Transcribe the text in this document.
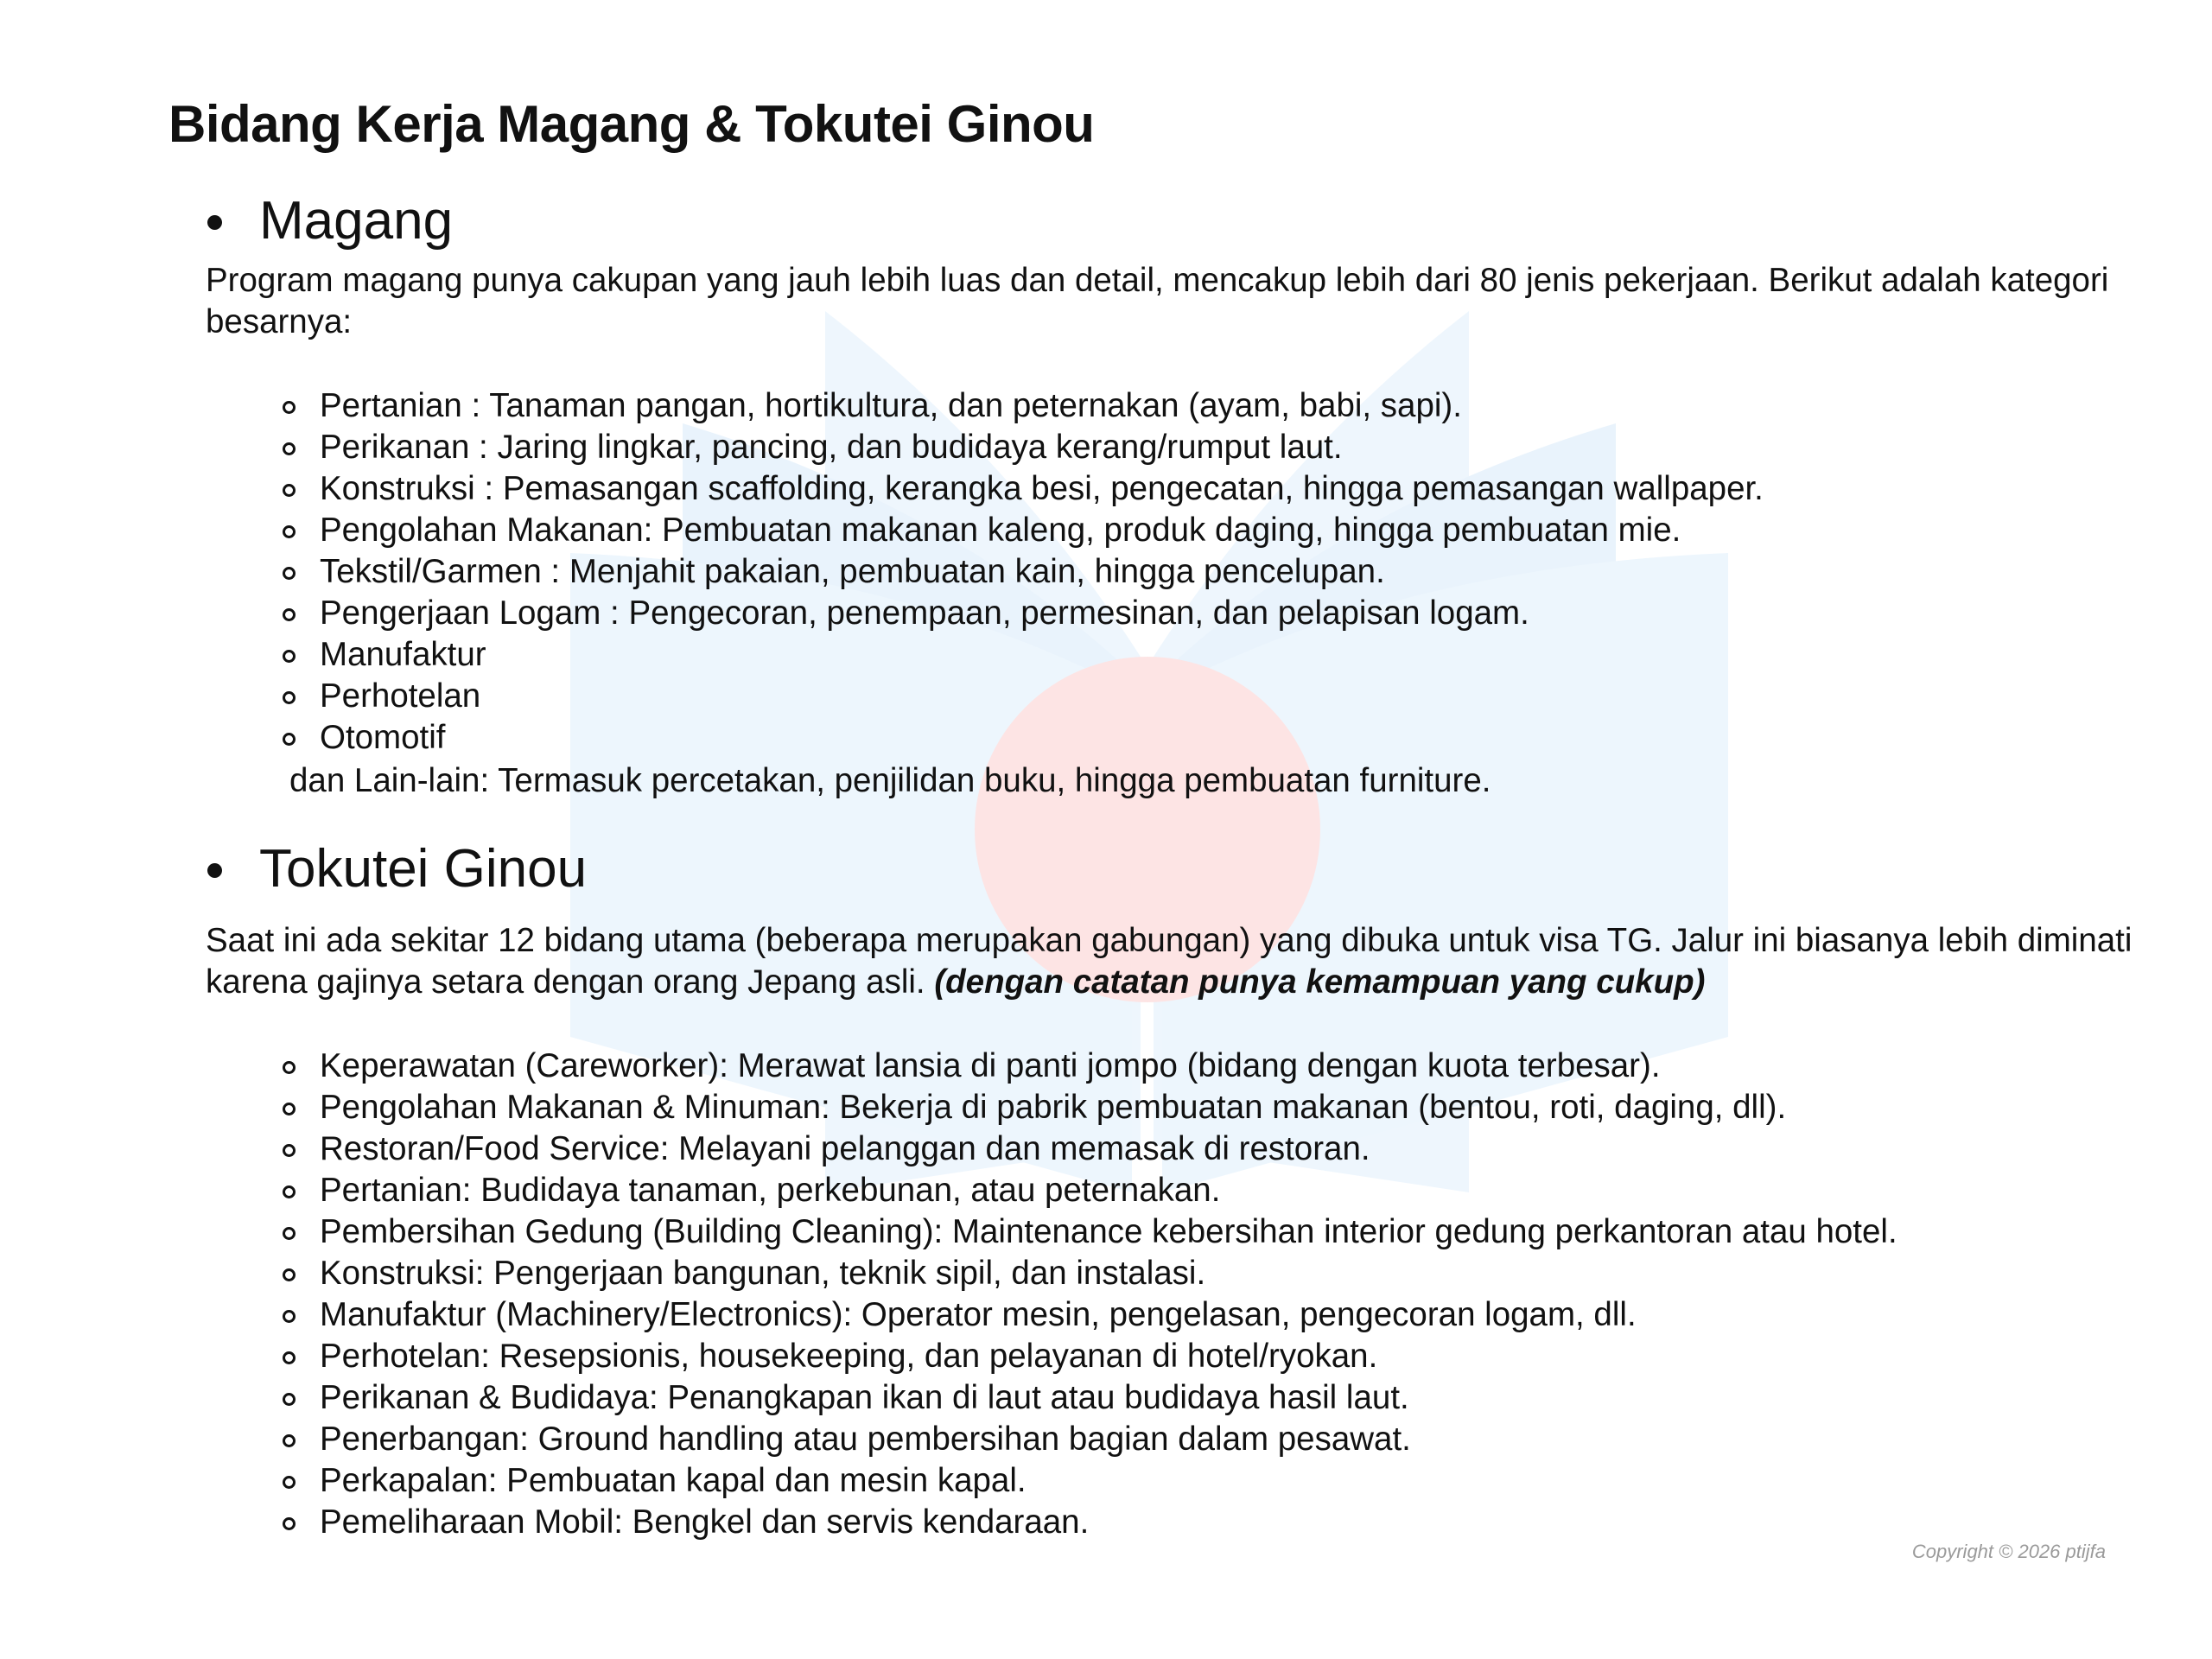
Bidang Kerja Magang & Tokutei Ginou
Magang

Program magang punya cakupan yang jauh lebih luas dan detail, mencakup lebih dari 80 jenis pekerjaan. Berikut adalah kategori besarnya:

Pertanian : Tanaman pangan, hortikultura, dan peternakan (ayam, babi, sapi).
Perikanan : Jaring lingkar, pancing, dan budidaya kerang/rumput laut.
Konstruksi : Pemasangan scaffolding, kerangka besi, pengecatan, hingga pemasangan wallpaper.
Pengolahan Makanan: Pembuatan makanan kaleng, produk daging, hingga pembuatan mie.
Tekstil/Garmen : Menjahit pakaian, pembuatan kain, hingga pencelupan.
Pengerjaan Logam : Pengecoran, penempaan, permesinan, dan pelapisan logam.
Manufaktur
Perhotelan
Otomotif

dan Lain-lain: Termasuk percetakan, penjilidan buku, hingga pembuatan furniture.

Tokutei Ginou

Saat ini ada sekitar 12 bidang utama (beberapa merupakan gabungan) yang dibuka untuk visa TG. Jalur ini biasanya lebih diminati karena gajinya setara dengan orang Jepang asli. (dengan catatan punya kemampuan yang cukup)

Keperawatan (Careworker): Merawat lansia di panti jompo (bidang dengan kuota terbesar).
Pengolahan Makanan & Minuman: Bekerja di pabrik pembuatan makanan (bentou, roti, daging, dll).
Restoran/Food Service: Melayani pelanggan dan memasak di restoran.
Pertanian: Budidaya tanaman, perkebunan, atau peternakan.
Pembersihan Gedung (Building Cleaning): Maintenance kebersihan interior gedung perkantoran atau hotel.
Konstruksi: Pengerjaan bangunan, teknik sipil, dan instalasi.
Manufaktur (Machinery/Electronics): Operator mesin, pengelasan, pengecoran logam, dll.
Perhotelan: Resepsionis, housekeeping, dan pelayanan di hotel/ryokan.
Perikanan & Budidaya: Penangkapan ikan di laut atau budidaya hasil laut.
Penerbangan: Ground handling atau pembersihan bagian dalam pesawat.
Perkapalan: Pembuatan kapal dan mesin kapal.
Pemeliharaan Mobil: Bengkel dan servis kendaraan.

Copyright © 2026 ptijfa
